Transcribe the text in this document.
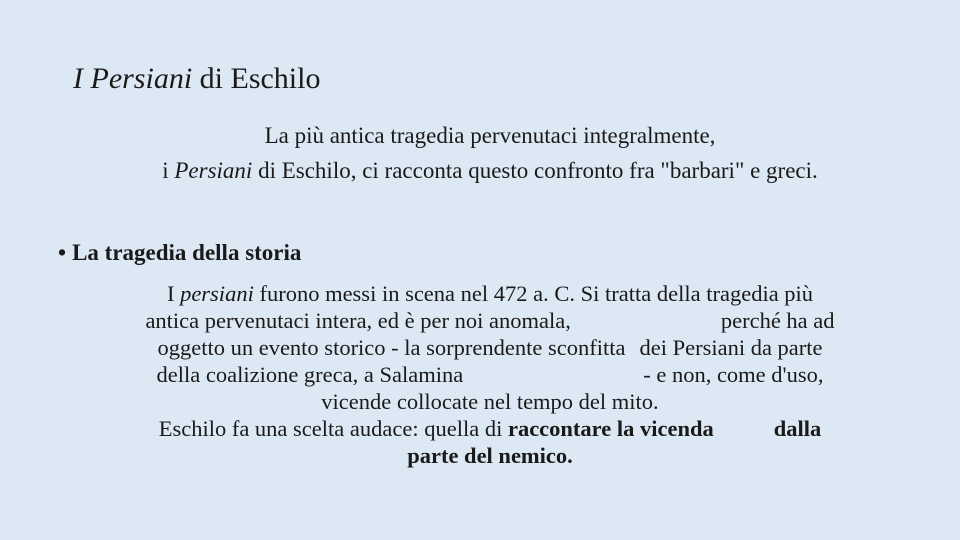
I Persiani di Eschilo

La più antica tragedia pervenutaci integralmente,

i Persiani di Eschilo, ci racconta questo confronto fra "barbari" e greci.

• La tragedia della storia

I persiani furono messi in scena nel 472 a. C. Si tratta della tragedia più

antica pervenutaci intera, ed è per noi anomala,	perché ha ad

oggetto un evento storico - la sorprendente sconfitta dei Persiani da parte

della coalizione greca, a Salamina	- e non, come d'uso,

vicende collocate nel tempo del mito.

Eschilo fa una scelta audace: quella di raccontare la vicenda	dalla

parte del nemico.
